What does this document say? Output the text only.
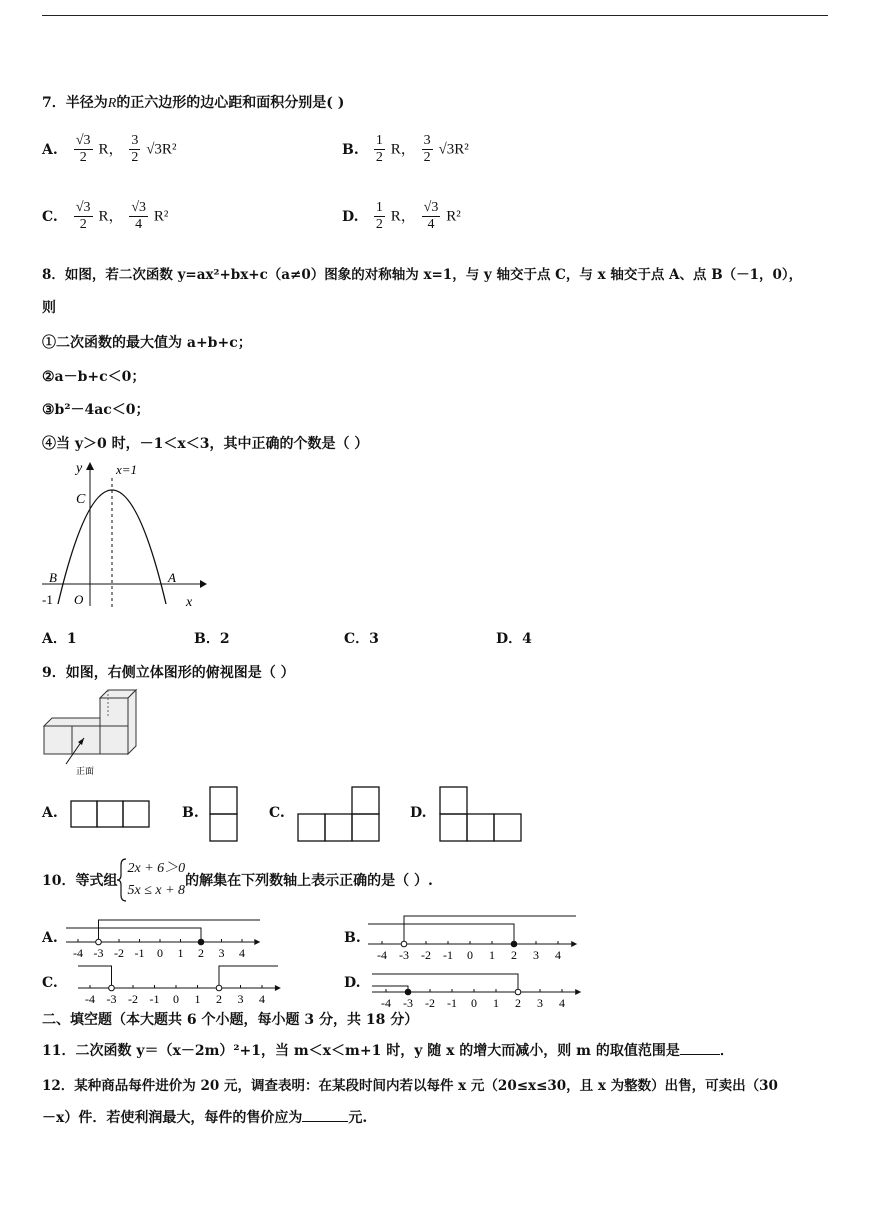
7．半径为R的正六边形的边心距和面积分别是( )
A. $\frac{√3}{2}$ R， $\frac{3}{2} √3R^2$	B. $\frac{1}{2}$ R， $\frac{3}{2} √3R^2$
C. $\frac{√3}{2}$ R， $\frac{√3}{4} R^2$	D. $\frac{1}{2}$ R， $\frac{√3}{4} R^2$
8．如图，若二次函数 y=ax²+bx+c（a≠0）图象的对称轴为 x=1，与 y 轴交于点 C，与 x 轴交于点 A、点 B（－1，0），
则
①二次函数的最大值为 a+b+c；
②a－b+c＜0；
③b²－4ac＜0；
④当 y＞0 时，－1＜x＜3，其中正确的个数是（ ）
y	x=1
C
B	A
-1 O	x
A．1	B．2	C．3	D．4
9．如图，右侧立体图形的俯视图是（ ）
正面
A.	B.	C.	D.
10．等式组
2x + 6＞0
5x ≤ x + 8
的解集在下列数轴上表示正确的是（ ）.
A.
-4 -3 -2 -1 0 1 2 3 4
B.
-4 -3 -2 -1 0 1 2 3 4
C.
-4 -3 -2 -1 0 1 2 3 4
D.
-4 -3 -2 -1 0 1 2 3 4
二、填空题（本大题共 6 个小题，每小题 3 分，共 18 分）
11．二次函数 y＝（x－2m）²+1，当 m＜x＜m+1 时，y 随 x 的增大而减小，则 m 的取值范围是	．
12．某种商品每件进价为 20 元，调查表明：在某段时间内若以每件 x 元（20≤x≤30，且 x 为整数）出售，可卖出（30
－x）件．若使利润最大，每件的售价应为	元.
